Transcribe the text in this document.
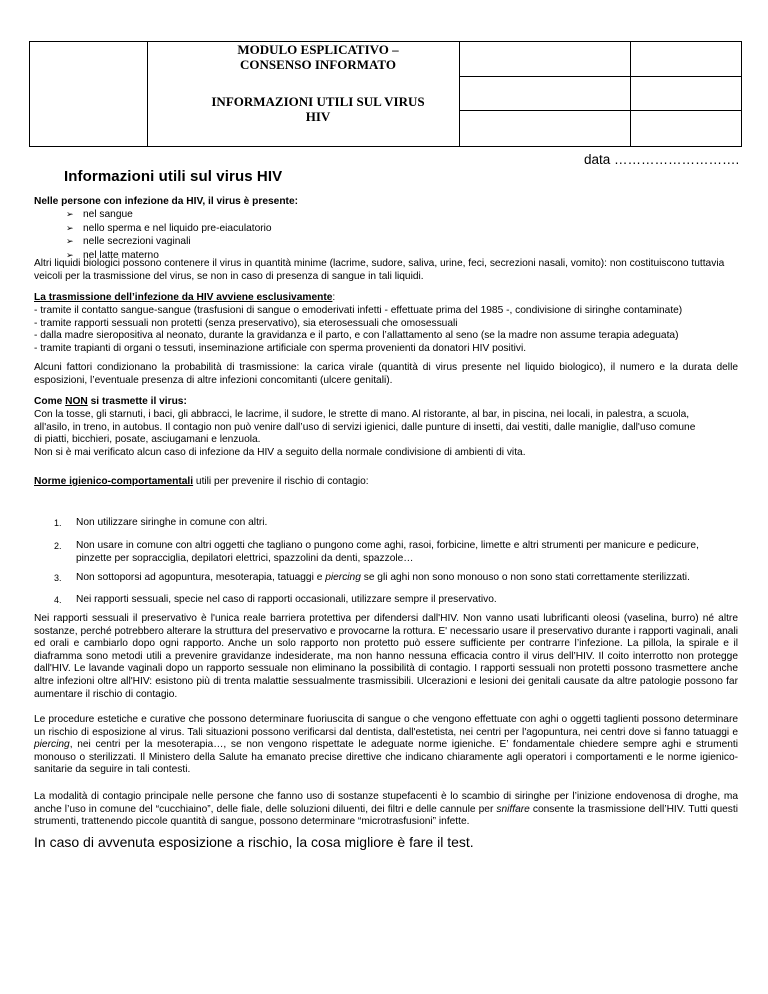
MODULO ESPLICATIVO –
CONSENSO INFORMATO
INFORMAZIONI UTILI SUL VIRUS
HIV
data ……………………….
Informazioni utili sul virus HIV
Nelle persone con infezione da HIV, il virus è presente:
➢ nel sangue
➢ nello sperma e nel liquido pre-eiaculatorio
➢ nelle secrezioni vaginali
➢ nel latte materno
Altri liquidi biologici possono contenere il virus in quantità minime (lacrime, sudore, saliva, urine, feci, secrezioni nasali, vomito): non costituiscono tuttavia veicoli per la trasmissione del virus, se non in caso di presenza di sangue in tali liquidi.
La trasmissione dell’infezione da HIV avviene esclusivamente:
- tramite il contatto sangue-sangue (trasfusioni di sangue o emoderivati infetti - effettuate prima del 1985 -, condivisione di siringhe contaminate)
- tramite rapporti sessuali non protetti (senza preservativo), sia eterosessuali che omosessuali
- dalla madre sieropositiva al neonato, durante la gravidanza e il parto, e con l’allattamento al seno (se la madre non assume terapia adeguata)
- tramite trapianti di organi o tessuti, inseminazione artificiale con sperma provenienti da donatori HIV positivi.
Alcuni fattori condizionano la probabilità di trasmissione: la carica virale (quantità di virus presente nel liquido biologico), il numero e la durata delle esposizioni, l’eventuale presenza di altre infezioni concomitanti (ulcere genitali).
Come NON si trasmette il virus:
Con la tosse, gli starnuti, i baci, gli abbracci, le lacrime, il sudore, le strette di mano. Al ristorante, al bar, in piscina, nei locali, in palestra, a scuola,
all'asilo, in treno, in autobus. Il contagio non può venire dall’uso di servizi igienici, dalle punture di insetti, dai vestiti, dalle maniglie, dall'uso comune
di piatti, bicchieri, posate, asciugamani e lenzuola.
Non si è mai verificato alcun caso di infezione da HIV a seguito della normale condivisione di ambienti di vita.
Norme igienico-comportamentali utili per prevenire il rischio di contagio:
1. Non utilizzare siringhe in comune con altri.
2. Non usare in comune con altri oggetti che tagliano o pungono come aghi, rasoi, forbicine, limette e altri strumenti per manicure e pedicure, pinzette per sopracciglia, depilatori elettrici, spazzolini da denti, spazzole…
3. Non sottoporsi ad agopuntura, mesoterapia, tatuaggi e piercing se gli aghi non sono monouso o non sono stati correttamente sterilizzati.
4. Nei rapporti sessuali, specie nel caso di rapporti occasionali, utilizzare sempre il preservativo.
Nei rapporti sessuali il preservativo è l'unica reale barriera protettiva per difendersi dall'HIV. Non vanno usati lubrificanti oleosi (vaselina, burro) né altre sostanze, perché potrebbero alterare la struttura del preservativo e provocarne la rottura. E' necessario usare il preservativo durante i rapporti vaginali, anali ed orali e cambiarlo dopo ogni rapporto. Anche un solo rapporto non protetto può essere sufficiente per contrarre l’infezione. La pillola, la spirale e il diaframma sono metodi utili a prevenire gravidanze indesiderate, ma non hanno nessuna efficacia contro il virus dell’HIV. Il coito interrotto non protegge dall'HIV. Le lavande vaginali dopo un rapporto sessuale non eliminano la possibilità di contagio. I rapporti sessuali non protetti possono trasmettere anche altre infezioni oltre all'HIV: esistono più di trenta malattie sessualmente trasmissibili. Ulcerazioni e lesioni dei genitali causate da altre patologie possono far aumentare il rischio di contagio.
Le procedure estetiche e curative che possono determinare fuoriuscita di sangue o che vengono effettuate con aghi o oggetti taglienti possono determinare un rischio di esposizione al virus. Tali situazioni possono verificarsi dal dentista, dall'estetista, nei centri per l'agopuntura, nei centri dove si fanno tatuaggi e piercing, nei centri per la mesoterapia…, se non vengono rispettate le adeguate norme igieniche. E’ fondamentale chiedere sempre aghi e strumenti monouso o sterilizzati. Il Ministero della Salute ha emanato precise direttive che indicano chiaramente agli operatori i comportamenti e le norme igienico-sanitarie da seguire in tali contesti.
La modalità di contagio principale nelle persone che fanno uso di sostanze stupefacenti è lo scambio di siringhe per l’inizione endovenosa di droghe, ma anche l’uso in comune del “cucchiaino”, delle fiale, delle soluzioni diluenti, dei filtri e delle cannule per sniffare consente la trasmissione dell’HIV. Tutti questi strumenti, trattenendo piccole quantità di sangue, possono determinare “microtrasfusioni” infette.
In caso di avvenuta esposizione a rischio, la cosa migliore è fare il test.
